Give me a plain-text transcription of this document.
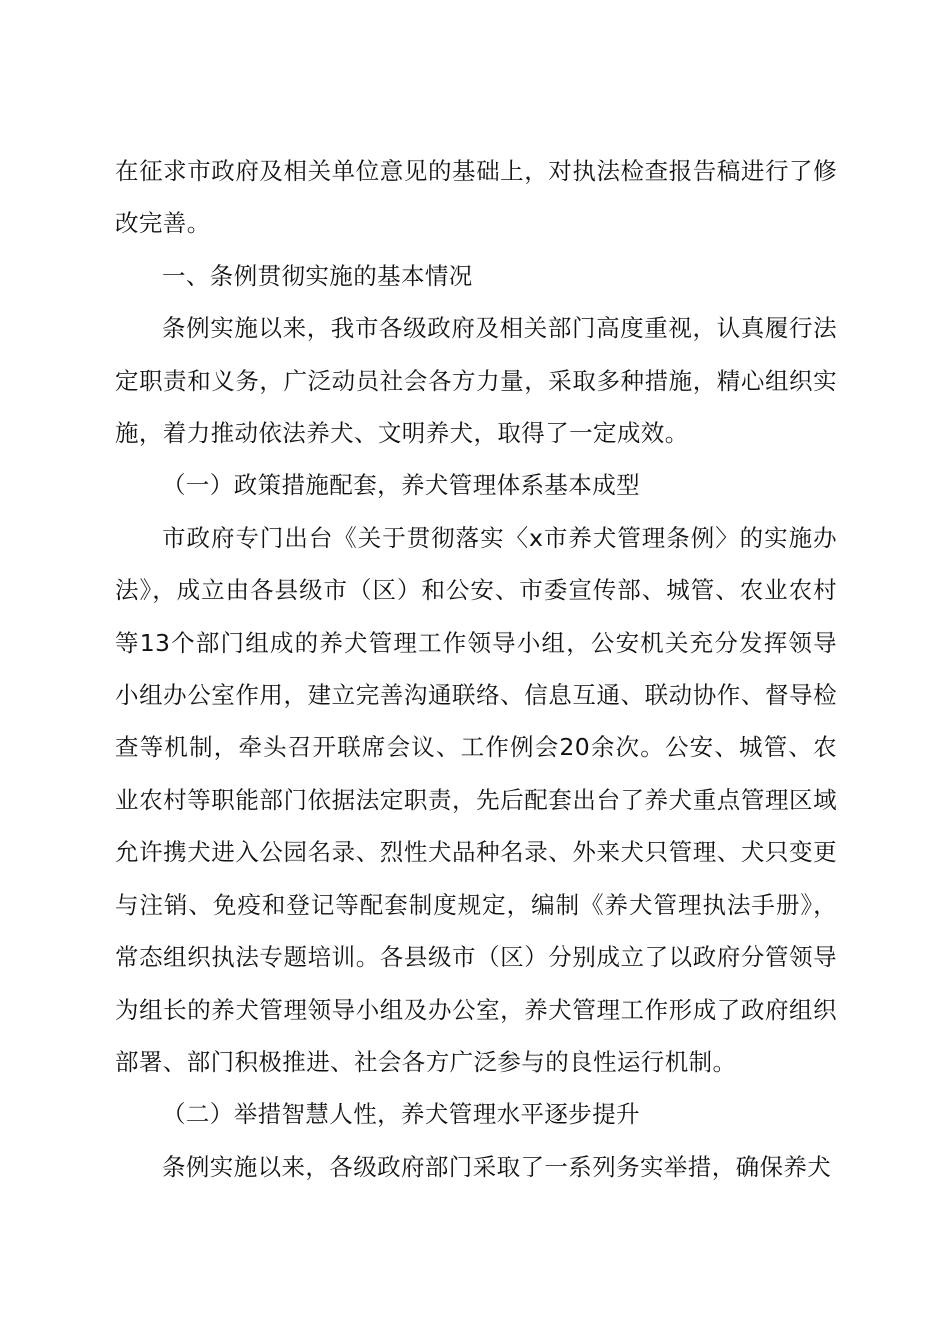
在征求市政府及相关单位意见的基础上，对执法检查报告稿进行了修改完善。

一、条例贯彻实施的基本情况

条例实施以来，我市各级政府及相关部门高度重视，认真履行法定职责和义务，广泛动员社会各方力量，采取多种措施，精心组织实施，着力推动依法养犬、文明养犬，取得了一定成效。

（一）政策措施配套，养犬管理体系基本成型

市政府专门出台《关于贯彻落实〈x市养犬管理条例〉的实施办法》，成立由各县级市（区）和公安、市委宣传部、城管、农业农村等13个部门组成的养犬管理工作领导小组，公安机关充分发挥领导小组办公室作用，建立完善沟通联络、信息互通、联动协作、督导检查等机制，牵头召开联席会议、工作例会20余次。公安、城管、农业农村等职能部门依据法定职责，先后配套出台了养犬重点管理区域允许携犬进入公园名录、烈性犬品种名录、外来犬只管理、犬只变更与注销、免疫和登记等配套制度规定，编制《养犬管理执法手册》，常态组织执法专题培训。各县级市（区）分别成立了以政府分管领导为组长的养犬管理领导小组及办公室，养犬管理工作形成了政府组织部署、部门积极推进、社会各方广泛参与的良性运行机制。

（二）举措智慧人性，养犬管理水平逐步提升

条例实施以来，各级政府部门采取了一系列务实举措，确保养犬
